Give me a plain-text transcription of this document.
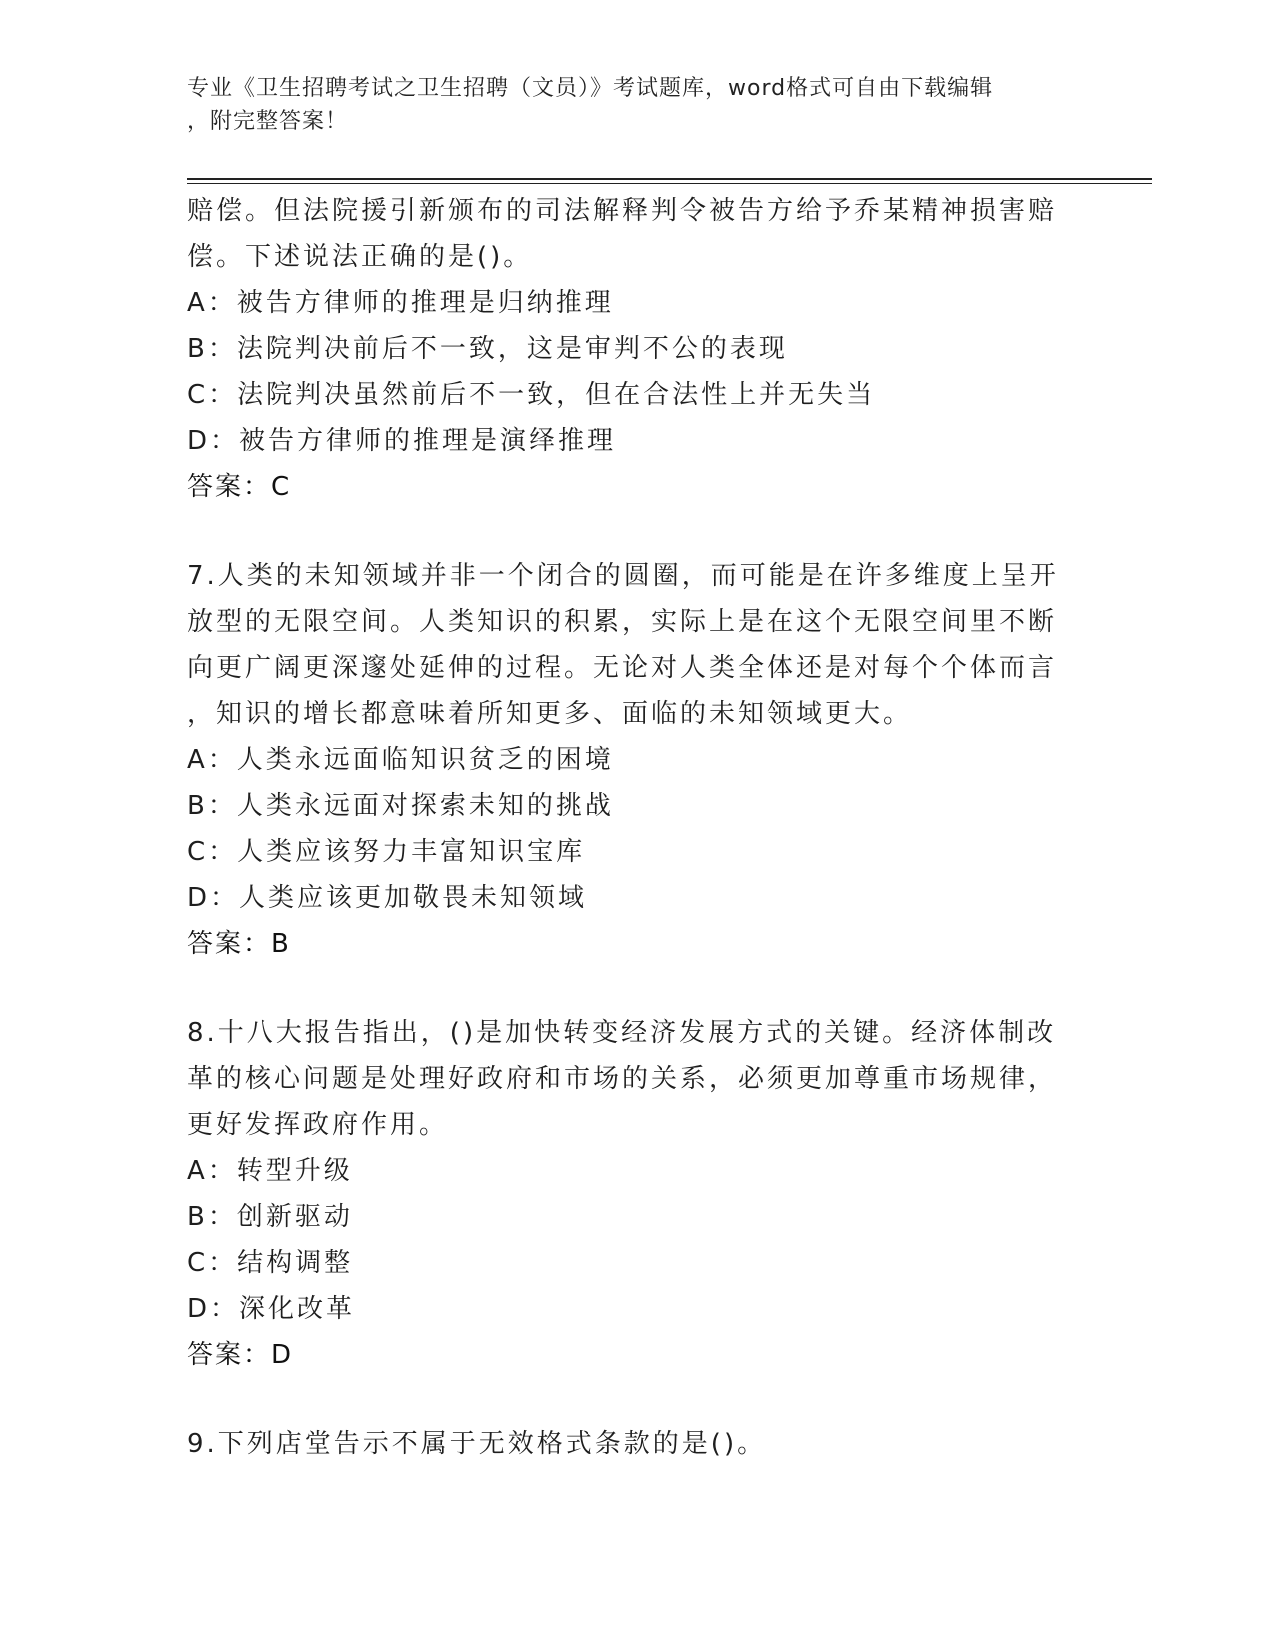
专业《卫生招聘考试之卫生招聘（文员）》考试题库，word格式可自由下载编辑
，附完整答案！
赔偿。但法院援引新颁布的司法解释判令被告方给予乔某精神损害赔
偿。下述说法正确的是()。
A：被告方律师的推理是归纳推理
B：法院判决前后不一致，这是审判不公的表现
C：法院判决虽然前后不一致，但在合法性上并无失当
D：被告方律师的推理是演绎推理
答案：C
7.人类的未知领域并非一个闭合的圆圈，而可能是在许多维度上呈开
放型的无限空间。人类知识的积累，实际上是在这个无限空间里不断
向更广阔更深邃处延伸的过程。无论对人类全体还是对每个个体而言
，知识的增长都意味着所知更多、面临的未知领域更大。
A：人类永远面临知识贫乏的困境
B：人类永远面对探索未知的挑战
C：人类应该努力丰富知识宝库
D：人类应该更加敬畏未知领域
答案：B
8.十八大报告指出，()是加快转变经济发展方式的关键。经济体制改
革的核心问题是处理好政府和市场的关系，必须更加尊重市场规律，
更好发挥政府作用。
A：转型升级
B：创新驱动
C：结构调整
D：深化改革
答案：D
9.下列店堂告示不属于无效格式条款的是()。
